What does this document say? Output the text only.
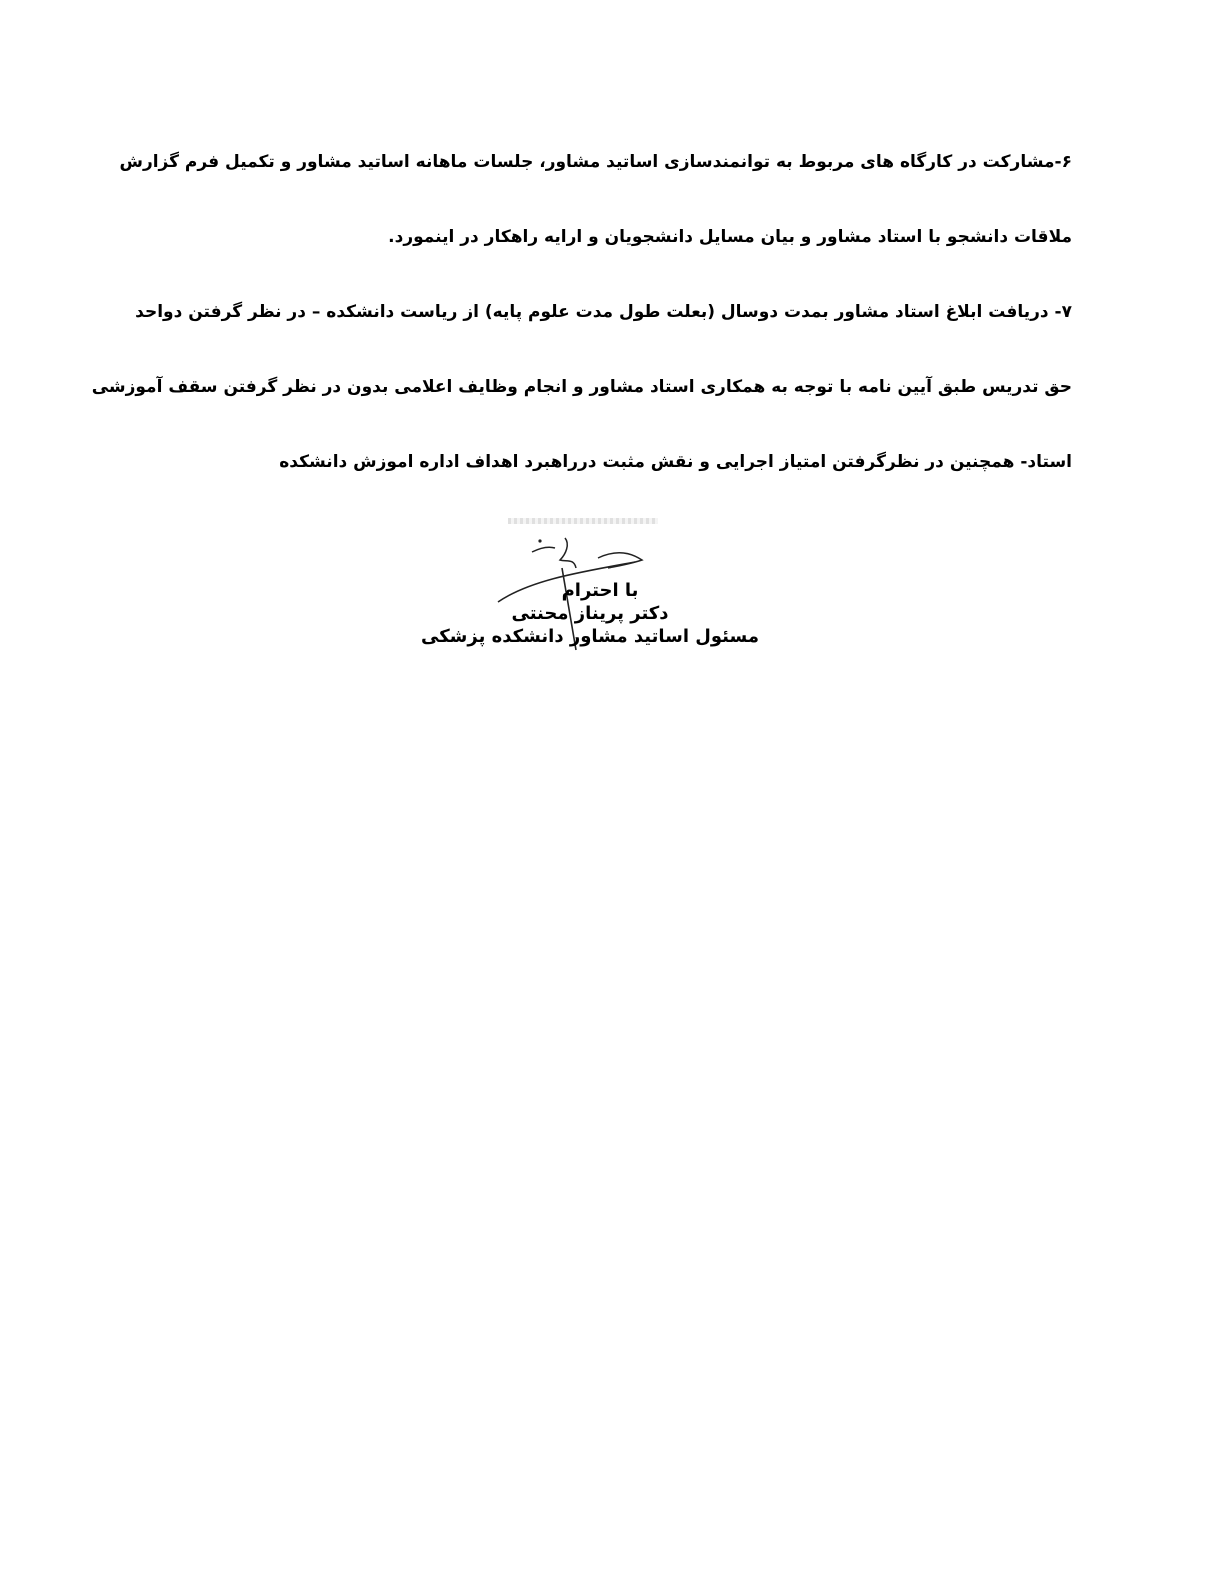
۶-مشارکت در کارگاه های مربوط به توانمندسازی اساتید مشاور، جلسات ماهانه اساتید مشاور و تکمیل فرم گزارش
ملاقات دانشجو با استاد مشاور و بیان مسایل دانشجویان و ارایه راهکار در اینمورد.
۷- دریافت ابلاغ استاد مشاور بمدت دوسال (بعلت طول مدت علوم پایه) از ریاست دانشکده – در نظر گرفتن دواحد
حق تدریس طبق آیین نامه با توجه به همکاری استاد مشاور و انجام وظایف اعلامی بدون در نظر گرفتن سقف آموزشی
استاد- همچنین در نظرگرفتن امتیاز اجرایی و نقش مثبت درراهبرد اهداف اداره اموزش دانشکده
با احترام
دکتر پریناز محنتی
مسئول اساتید مشاور دانشکده پزشکی
